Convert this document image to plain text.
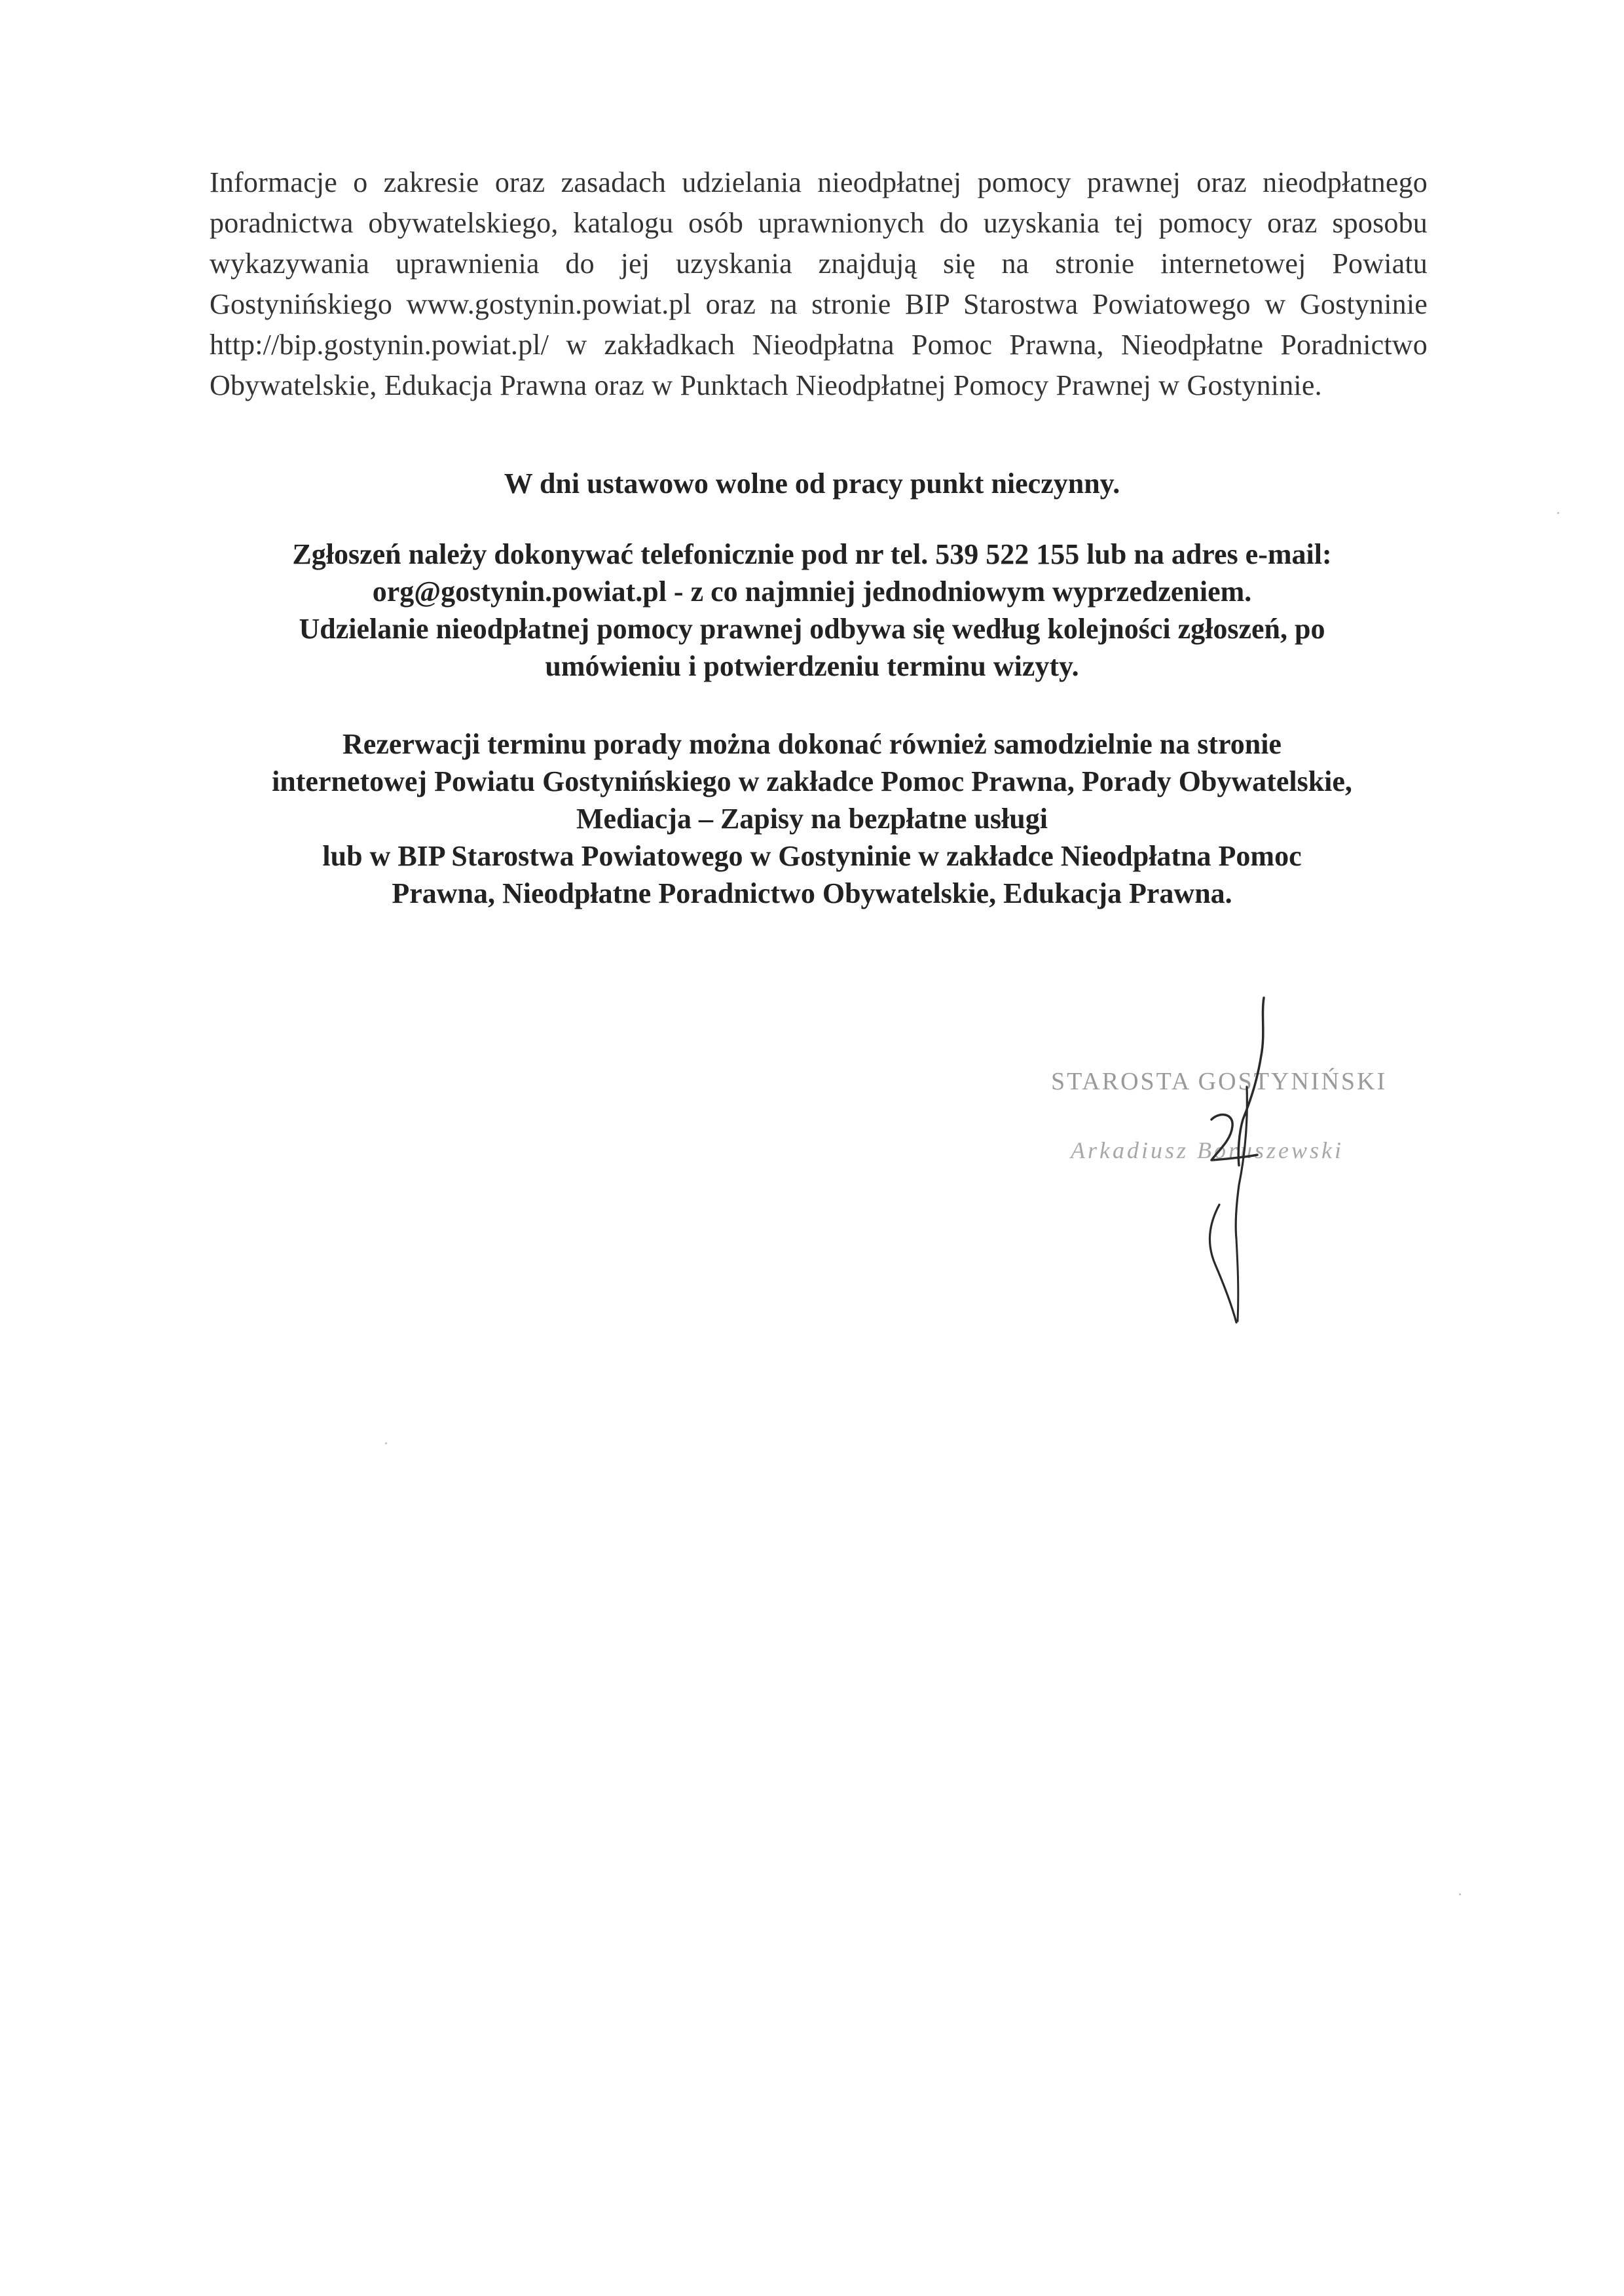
Informacje o zakresie oraz zasadach udzielania nieodpłatnej pomocy prawnej oraz nieodpłatnego poradnictwa obywatelskiego, katalogu osób uprawnionych do uzyskania tej pomocy oraz sposobu wykazywania uprawnienia do jej uzyskania znajdują się na stronie internetowej Powiatu Gostynińskiego www.gostynin.powiat.pl oraz na stronie BIP Starostwa Powiatowego w Gostyninie http://bip.gostynin.powiat.pl/ w zakładkach Nieodpłatna Pomoc Prawna, Nieodpłatne Poradnictwo Obywatelskie, Edukacja Prawna oraz w Punktach Nieodpłatnej Pomocy Prawnej w Gostyninie.

W dni ustawowo wolne od pracy punkt nieczynny.

Zgłoszeń należy dokonywać telefonicznie pod nr tel. 539 522 155 lub na adres e-mail:
org@gostynin.powiat.pl - z co najmniej jednodniowym wyprzedzeniem.
Udzielanie nieodpłatnej pomocy prawnej odbywa się według kolejności zgłoszeń, po
umówieniu i potwierdzeniu terminu wizyty.

Rezerwacji terminu porady można dokonać również samodzielnie na stronie
internetowej Powiatu Gostynińskiego w zakładce Pomoc Prawna, Porady Obywatelskie,
Mediacja – Zapisy na bezpłatne usługi
lub w BIP Starostwa Powiatowego w Gostyninie w zakładce Nieodpłatna Pomoc
Prawna, Nieodpłatne Poradnictwo Obywatelskie, Edukacja Prawna.

STAROSTA GOSTYNIŃSKI
Arkadiusz Boruszewski
